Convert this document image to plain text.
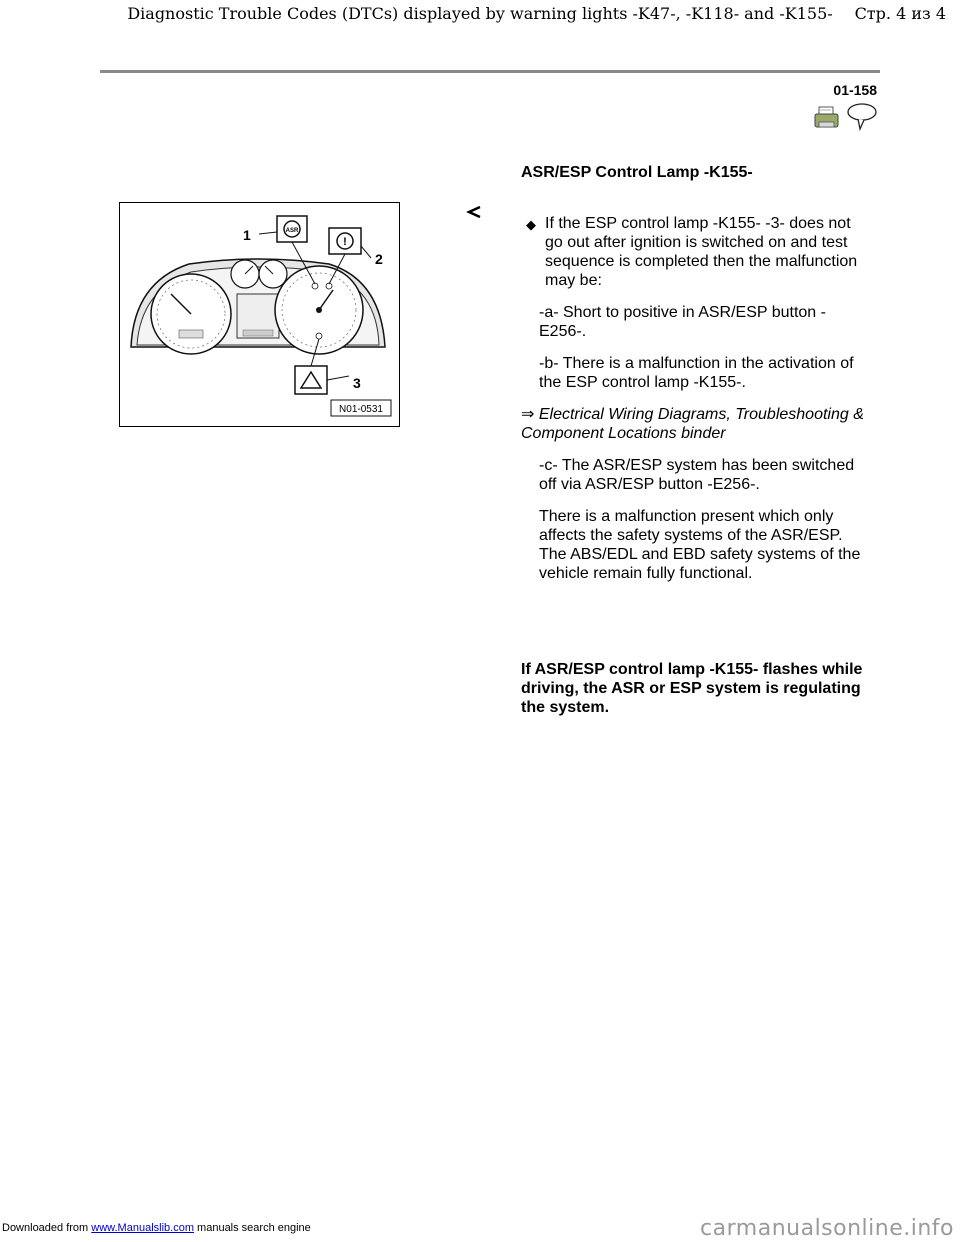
Diagnostic Trouble Codes (DTCs) displayed by warning lights -K47-, -K118- and -K155-	Стр. 4 из 4
01-158
ASR/ESP Control Lamp -K155-
ASR
!
1
2
3
N01-0531
◆ If the ESP control lamp -K155- -3- does not go out after ignition is switched on and test sequence is completed then the malfunction may be:

-a- Short to positive in ASR/ESP button -E256-.

-b- There is a malfunction in the activation of the ESP control lamp -K155-.

⇒ Electrical Wiring Diagrams, Troubleshooting & Component Locations binder

-c- The ASR/ESP system has been switched off via ASR/ESP button -E256-.

There is a malfunction present which only affects the safety systems of the ASR/ESP. The ABS/EDL and EBD safety systems of the vehicle remain fully functional.

If ASR/ESP control lamp -K155- flashes while driving, the ASR or ESP system is regulating the system.
Downloaded from www.Manualslib.com manuals search engine	carmanualsonline.info
